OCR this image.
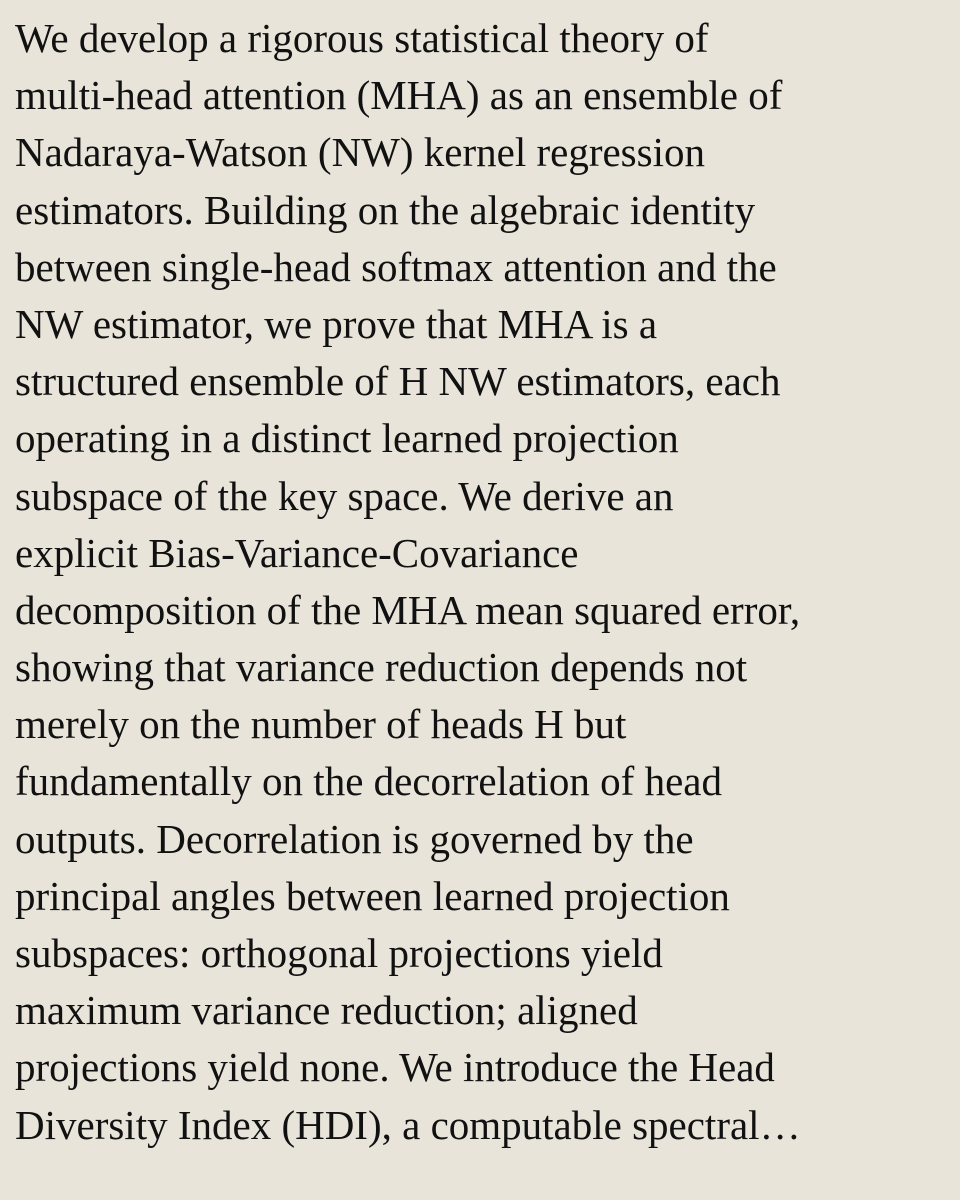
We develop a rigorous statistical theory of
multi-head attention (MHA) as an ensemble of
Nadaraya-Watson (NW) kernel regression
estimators. Building on the algebraic identity
between single-head softmax attention and the
NW estimator, we prove that MHA is a
structured ensemble of H NW estimators, each
operating in a distinct learned projection
subspace of the key space. We derive an
explicit Bias-Variance-Covariance
decomposition of the MHA mean squared error,
showing that variance reduction depends not
merely on the number of heads H but
fundamentally on the decorrelation of head
outputs. Decorrelation is governed by the
principal angles between learned projection
subspaces: orthogonal projections yield
maximum variance reduction; aligned
projections yield none. We introduce the Head
Diversity Index (HDI), a computable spectral…
